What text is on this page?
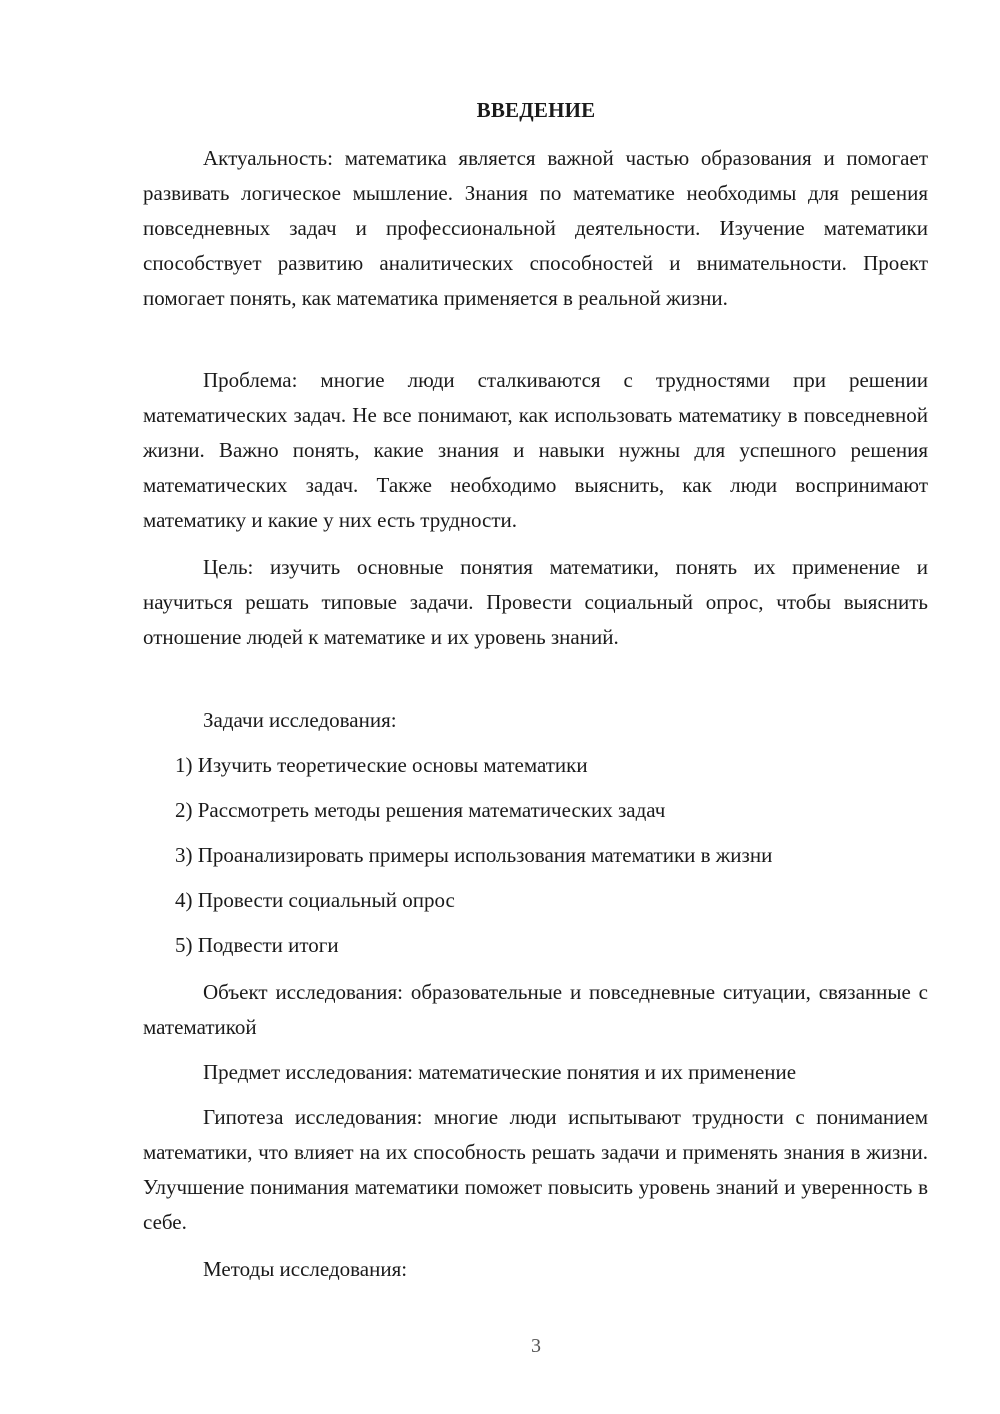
ВВЕДЕНИЕ

Актуальность: математика является важной частью образования и помогает развивать логическое мышление. Знания по математике необходимы для решения повседневных задач и профессиональной деятельности. Изучение математики способствует развитию аналитических способностей и внимательности. Проект помогает понять, как математика применяется в реальной жизни.

Проблема: многие люди сталкиваются с трудностями при решении математических задач. Не все понимают, как использовать математику в повседневной жизни. Важно понять, какие знания и навыки нужны для успешного решения математических задач. Также необходимо выяснить, как люди воспринимают математику и какие у них есть трудности.

Цель: изучить основные понятия математики, понять их применение и научиться решать типовые задачи. Провести социальный опрос, чтобы выяснить отношение людей к математике и их уровень знаний.

Задачи исследования:

1) Изучить теоретические основы математики
2) Рассмотреть методы решения математических задач
3) Проанализировать примеры использования математики в жизни
4) Провести социальный опрос
5) Подвести итоги

Объект исследования: образовательные и повседневные ситуации, связанные с математикой

Предмет исследования: математические понятия и их применение

Гипотеза исследования: многие люди испытывают трудности с пониманием математики, что влияет на их способность решать задачи и применять знания в жизни. Улучшение понимания математики поможет повысить уровень знаний и уверенность в себе.

Методы исследования:

3
